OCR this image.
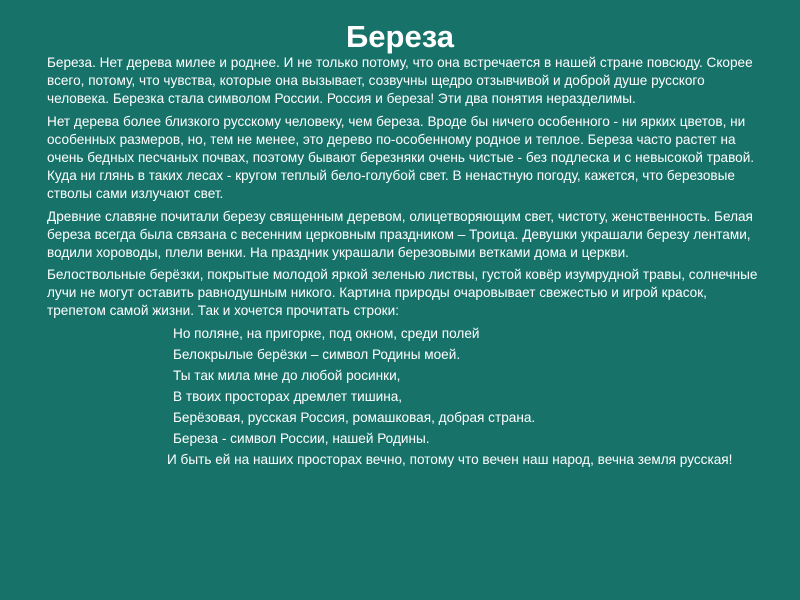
Береза

Береза. Нет дерева милее и роднее. И не только потому, что она встречается в нашей стране повсюду. Скорее всего, потому, что чувства, которые она вызывает, созвучны щедро отзывчивой и доброй душе русского человека. Березка стала символом России. Россия и береза! Эти два понятия неразделимы.

Нет дерева более близкого русскому человеку, чем береза. Вроде бы ничего особенного - ни ярких цветов, ни особенных размеров, но, тем не менее, это дерево по-особенному родное и теплое. Береза часто растет на очень бедных песчаных почвах, поэтому бывают березняки очень чистые - без подлеска и с невысокой травой. Куда ни глянь в таких лесах - кругом теплый бело-голубой свет. В ненастную погоду, кажется, что березовые стволы сами излучают свет.

Древние славяне почитали березу священным деревом, олицетворяющим свет, чистоту, женственность. Белая береза всегда была связана с весенним церковным праздником – Троица. Девушки украшали березу лентами, водили хороводы, плели венки. На праздник украшали березовыми ветками дома и церкви.

Белоствольные берёзки, покрытые молодой яркой зеленью листвы, густой ковёр изумрудной травы, солнечные лучи не могут оставить равнодушным никого. Картина природы очаровывает свежестью и игрой красок, трепетом самой жизни. Так и хочется прочитать строки:

Но поляне, на пригорке, под окном, среди полей

Белокрылые берёзки – символ Родины моей.

Ты так мила мне до любой росинки,

В твоих просторах дремлет тишина,

Берёзовая, русская Россия, ромашковая, добрая страна.

Береза - символ России, нашей Родины.

И быть ей на наших просторах вечно, потому что вечен наш народ, вечна земля русская!
